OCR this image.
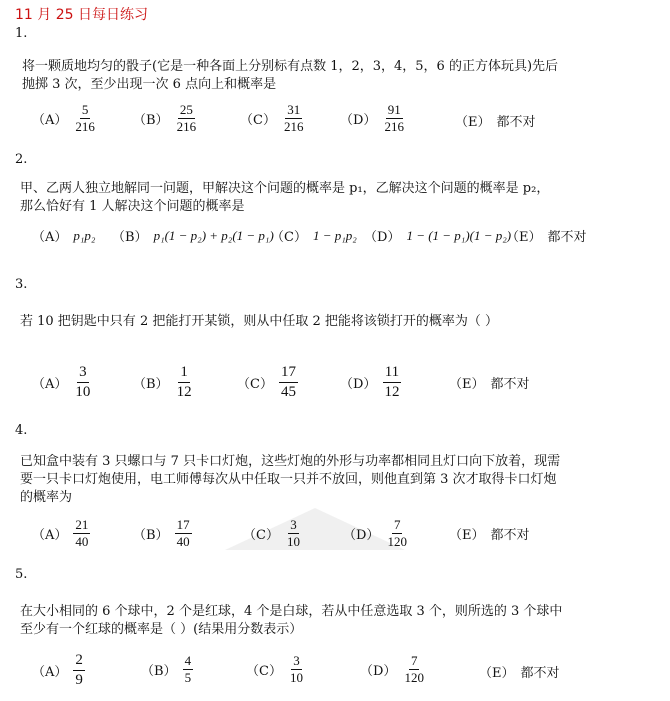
11 月 25 日每日练习
1.
将一颗质地均匀的骰子(它是一种各面上分别标有点数 1，2，3，4，5，6 的正方体玩具)先后
抛掷 3 次，至少出现一次 6 点向上和概率是
$(A) \frac{5}{216}$	$(B) \frac{25}{216}$	$(C) \frac{31}{216}$	$(D) \frac{91}{216}$	（E） 都不对
2.
甲、乙两人独立地解同一问题，甲解决这个问题的概率是 p₁，乙解决这个问题的概率是 p₂，
那么恰好有 1 人解决这个问题的概率是
（A） p₁p₂ （B） p₁(1 − p₂) + p₂(1 − p₁)
（C） 1 − p₁p₂ （D） 1 − (1 − p₁)(1 − p₂)
（E） 都不对
3.
若 10 把钥匙中只有 2 把能打开某锁，则从中任取 2 把能将该锁打开的概率为（ ）
$(A) \frac{3}{10}$	$(B) \frac{1}{12}$	$(C) \frac{17}{45}$	$(D) \frac{11}{12}$	（E） 都不对
4.
已知盒中装有 3 只螺口与 7 只卡口灯炮，这些灯炮的外形与功率都相同且灯口向下放着，现需
要一只卡口灯炮使用，电工师傅每次从中任取一只并不放回，则他直到第 3 次才取得卡口灯炮
的概率为
$(A) \frac{21}{40}$	$(B) \frac{17}{40}$	$(C) \frac{3}{10}$	$(D) \frac{7}{120}$	（E） 都不对
5.
在大小相同的 6 个球中，2 个是红球，4 个是白球，若从中任意选取 3 个，则所选的 3 个球中
至少有一个红球的概率是（ ）(结果用分数表示）
$(A) \frac{2}{9}$	$(B) \frac{4}{5}$	$(C) \frac{3}{10}$	$(D) \frac{7}{120}$	（E） 都不对
